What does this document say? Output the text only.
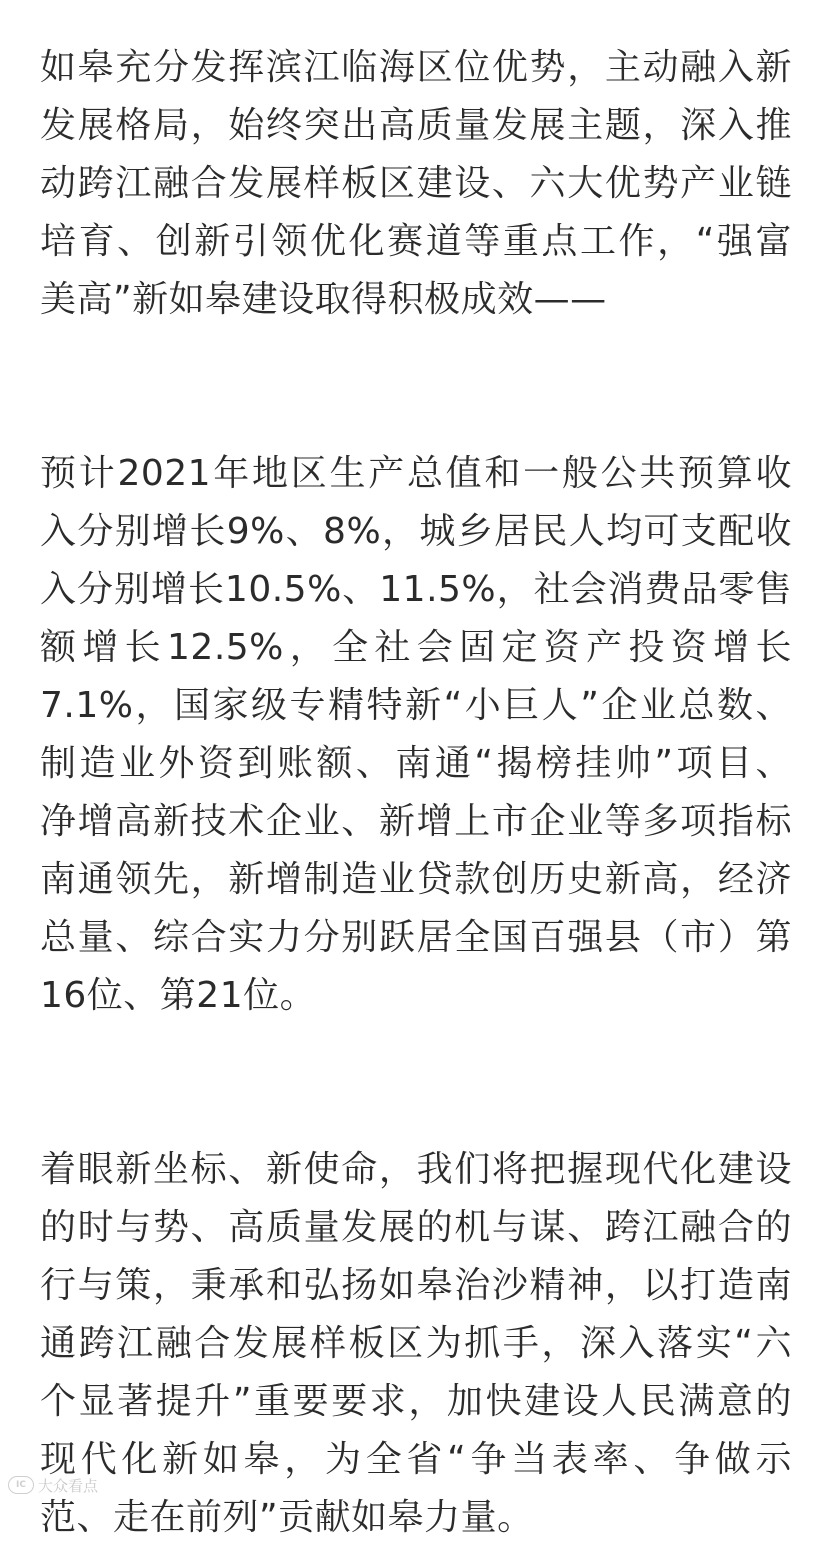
如皋充分发挥滨江临海区位优势，主动融入新
发展格局，始终突出高质量发展主题，深入推
动跨江融合发展样板区建设、六大优势产业链
培育、创新引领优化赛道等重点工作，“强富
美高”新如皋建设取得积极成效——
预计2021年地区生产总值和一般公共预算收
入分别增长9%、8%，城乡居民人均可支配收
入分别增长10.5%、11.5%，社会消费品零售
额增长12.5%，全社会固定资产投资增长
7.1%，国家级专精特新“小巨人”企业总数、
制造业外资到账额、南通“揭榜挂帅”项目、
净增高新技术企业、新增上市企业等多项指标
南通领先，新增制造业贷款创历史新高，经济
总量、综合实力分别跃居全国百强县（市）第
16位、第21位。
着眼新坐标、新使命，我们将把握现代化建设
的时与势、高质量发展的机与谋、跨江融合的
行与策，秉承和弘扬如皋治沙精神，以打造南
通跨江融合发展样板区为抓手，深入落实“六
个显著提升”重要要求，加快建设人民满意的
现代化新如皋，为全省“争当表率、争做示
范、走在前列”贡献如皋力量。
IC 大众看点
